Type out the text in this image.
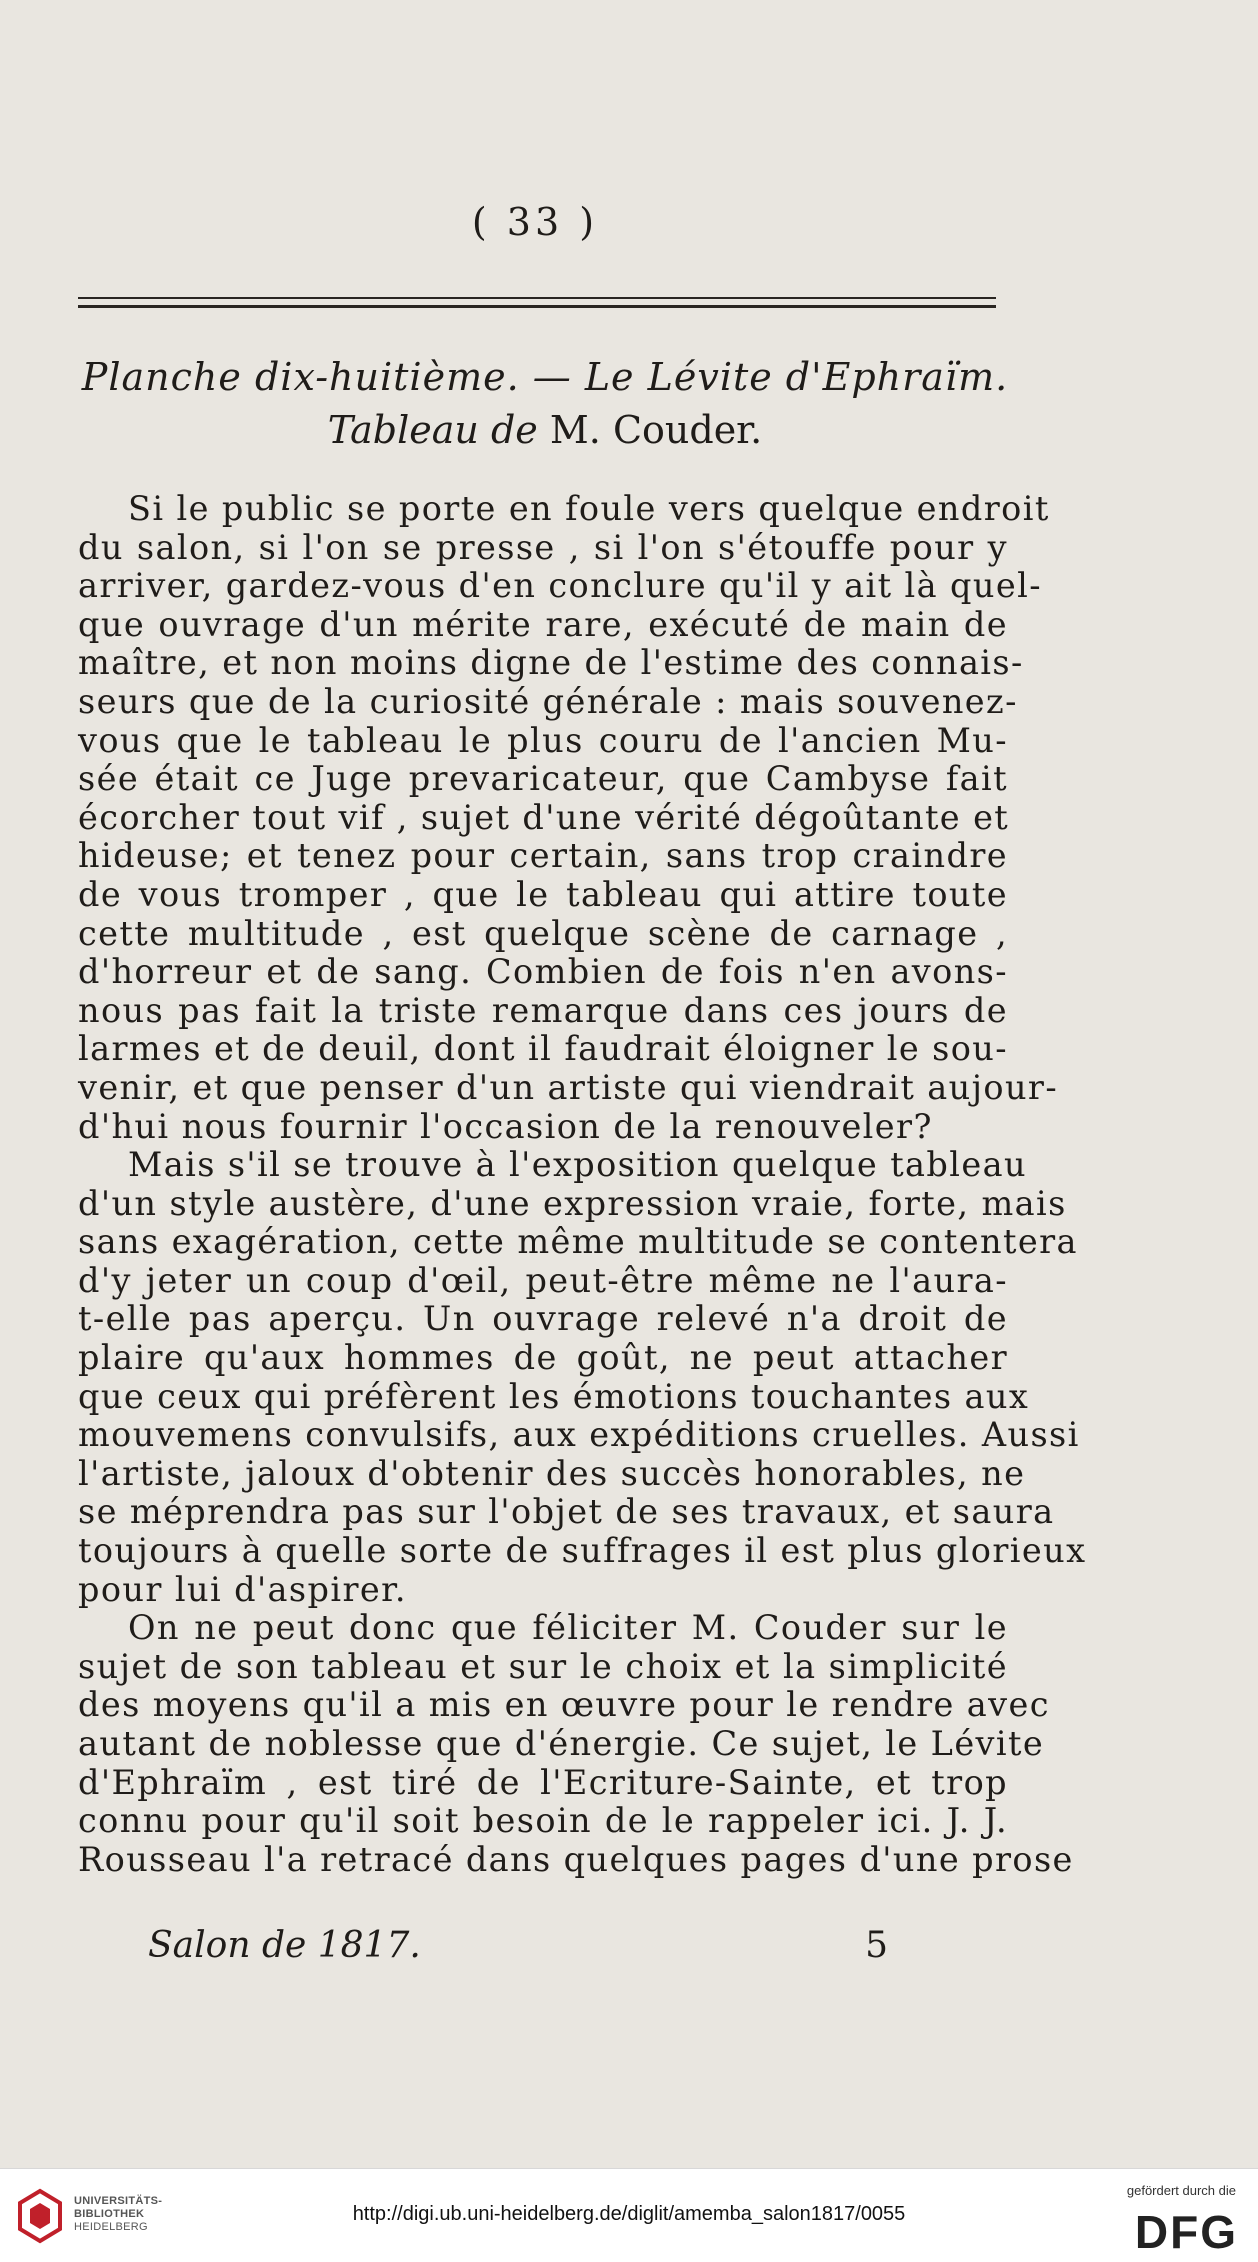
( 33 )
Planche dix-huitième. — Le Lévite d'Ephraïm.
Tableau de M. Couder.
Si le public se porte en foule vers quelque endroit
du salon, si l'on se presse , si l'on s'étouffe pour y
arriver, gardez-vous d'en conclure qu'il y ait là quel-
que ouvrage d'un mérite rare, exécuté de main de
maître, et non moins digne de l'estime des connais-
seurs que de la curiosité générale : mais souvenez-
vous que le tableau le plus couru de l'ancien Mu-
sée était ce Juge prevaricateur, que Cambyse fait
écorcher tout vif , sujet d'une vérité dégoûtante et
hideuse; et tenez pour certain, sans trop craindre
de vous tromper , que le tableau qui attire toute
cette multitude , est quelque scène de carnage ,
d'horreur et de sang. Combien de fois n'en avons-
nous pas fait la triste remarque dans ces jours de
larmes et de deuil, dont il faudrait éloigner le sou-
venir, et que penser d'un artiste qui viendrait aujour-
d'hui nous fournir l'occasion de la renouveler?
Mais s'il se trouve à l'exposition quelque tableau
d'un style austère, d'une expression vraie, forte, mais
sans exagération, cette même multitude se contentera
d'y jeter un coup d'œil, peut-être même ne l'aura-
t-elle pas aperçu. Un ouvrage relevé n'a droit de
plaire qu'aux hommes de goût, ne peut attacher
que ceux qui préfèrent les émotions touchantes aux
mouvemens convulsifs, aux expéditions cruelles. Aussi
l'artiste, jaloux d'obtenir des succès honorables, ne
se méprendra pas sur l'objet de ses travaux, et saura
toujours à quelle sorte de suffrages il est plus glorieux
pour lui d'aspirer.
On ne peut donc que féliciter M. Couder sur le
sujet de son tableau et sur le choix et la simplicité
des moyens qu'il a mis en œuvre pour le rendre avec
autant de noblesse que d'énergie. Ce sujet, le Lévite
d'Ephraïm , est tiré de l'Ecriture-Sainte, et trop
connu pour qu'il soit besoin de le rappeler ici. J. J.
Rousseau l'a retracé dans quelques pages d'une prose
Salon de 1817.	5
UNIVERSITÄTS-
BIBLIOTHEK
HEIDELBERG
http://digi.ub.uni-heidelberg.de/diglit/amemba_salon1817/0055
gefördert durch die
DFG
